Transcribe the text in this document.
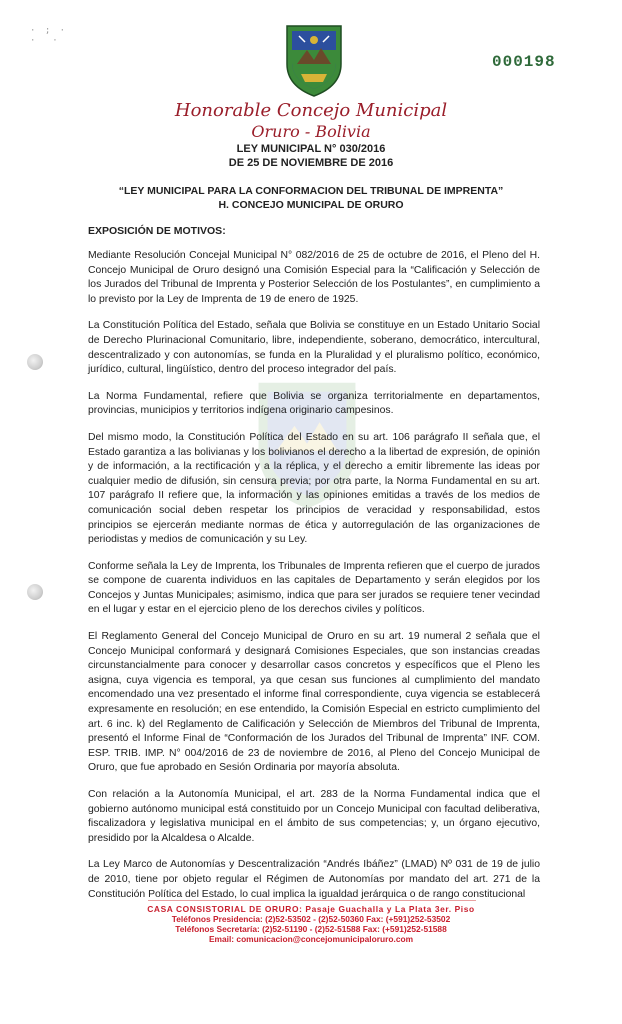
· ; ·
·  ·
000198
Honorable Concejo Municipal
Oruro - Bolivia
LEY MUNICIPAL N° 030/2016
DE 25 DE NOVIEMBRE DE 2016
“LEY MUNICIPAL PARA LA CONFORMACION DEL TRIBUNAL DE IMPRENTA”
H. CONCEJO MUNICIPAL DE ORURO
EXPOSICIÓN DE MOTIVOS:

Mediante Resolución Concejal Municipal N° 082/2016 de 25 de octubre de 2016, el Pleno del H. Concejo Municipal de Oruro designó una Comisión Especial para la “Calificación y Selección de los Jurados del Tribunal de Imprenta y Posterior Selección de los Postulantes”, en cumplimiento a lo previsto por la Ley de Imprenta de 19 de enero de 1925.

La Constitución Política del Estado, señala que Bolivia se constituye en un Estado Unitario Social de Derecho Plurinacional Comunitario, libre, independiente, soberano, democrático, intercultural, descentralizado y con autonomías, se funda en la Pluralidad y el pluralismo político, económico, jurídico, cultural, lingüístico, dentro del proceso integrador del país.

La Norma Fundamental, refiere que Bolivia se organiza territorialmente en departamentos, provincias, municipios y territorios indígena originario campesinos.

Del mismo modo, la Constitución Política del Estado en su art. 106 parágrafo II señala que, el Estado garantiza a las bolivianas y los bolivianos el derecho a la libertad de expresión, de opinión y de información, a la rectificación y a la réplica, y el derecho a emitir libremente las ideas por cualquier medio de difusión, sin censura previa; por otra parte, la Norma Fundamental en su art. 107 parágrafo II refiere que, la información y las opiniones emitidas a través de los medios de comunicación social deben respetar los principios de veracidad y responsabilidad, estos principios se ejercerán mediante normas de ética y autorregulación de las organizaciones de periodistas y medios de comunicación y su Ley.

Conforme señala la Ley de Imprenta, los Tribunales de Imprenta refieren que el cuerpo de jurados se compone de cuarenta individuos en las capitales de Departamento y serán elegidos por los Concejos y Juntas Municipales; asimismo, indica que para ser jurados se requiere tener vecindad en el lugar y estar en el ejercicio pleno de los derechos civiles y políticos.

El Reglamento General del Concejo Municipal de Oruro en su art. 19 numeral 2 señala que el Concejo Municipal conformará y designará Comisiones Especiales, que son instancias creadas circunstancialmente para conocer y desarrollar casos concretos y específicos que el Pleno les asigna, cuya vigencia es temporal, ya que cesan sus funciones al cumplimiento del mandato encomendado una vez presentado el informe final correspondiente, cuya vigencia se establecerá expresamente en resolución; en ese entendido, la Comisión Especial en estricto cumplimiento del art. 6 inc. k) del Reglamento de Calificación y Selección de Miembros del Tribunal de Imprenta, presentó el Informe Final de “Conformación de los Jurados del Tribunal de Imprenta” INF. COM. ESP. TRIB. IMP. N° 004/2016 de 23 de noviembre de 2016, al Pleno del Concejo Municipal de Oruro, que fue aprobado en Sesión Ordinaria por mayoría absoluta.

Con relación a la Autonomía Municipal, el art. 283 de la Norma Fundamental indica que el gobierno autónomo municipal está constituido por un Concejo Municipal con facultad deliberativa, fiscalizadora y legislativa municipal en el ámbito de sus competencias; y, un órgano ejecutivo, presidido por la Alcaldesa o Alcalde.

La Ley Marco de Autonomías y Descentralización “Andrés Ibáñez” (LMAD) Nº 031 de 19 de julio de 2010, tiene por objeto regular el Régimen de Autonomías por mandato del art. 271 de la Constitución Política del Estado, lo cual implica la igualdad jerárquica o de rango constitucional

CASA CONSISTORIAL DE ORURO: Pasaje Guachalla y La Plata 3er. Piso
Teléfonos Presidencia: (2)52-53502 - (2)52-50360 Fax: (+591)252-53502
Teléfonos Secretaría: (2)52-51190 - (2)52-51588 Fax: (+591)252-51588
Email: comunicacion@concejomunicipaloruro.com
